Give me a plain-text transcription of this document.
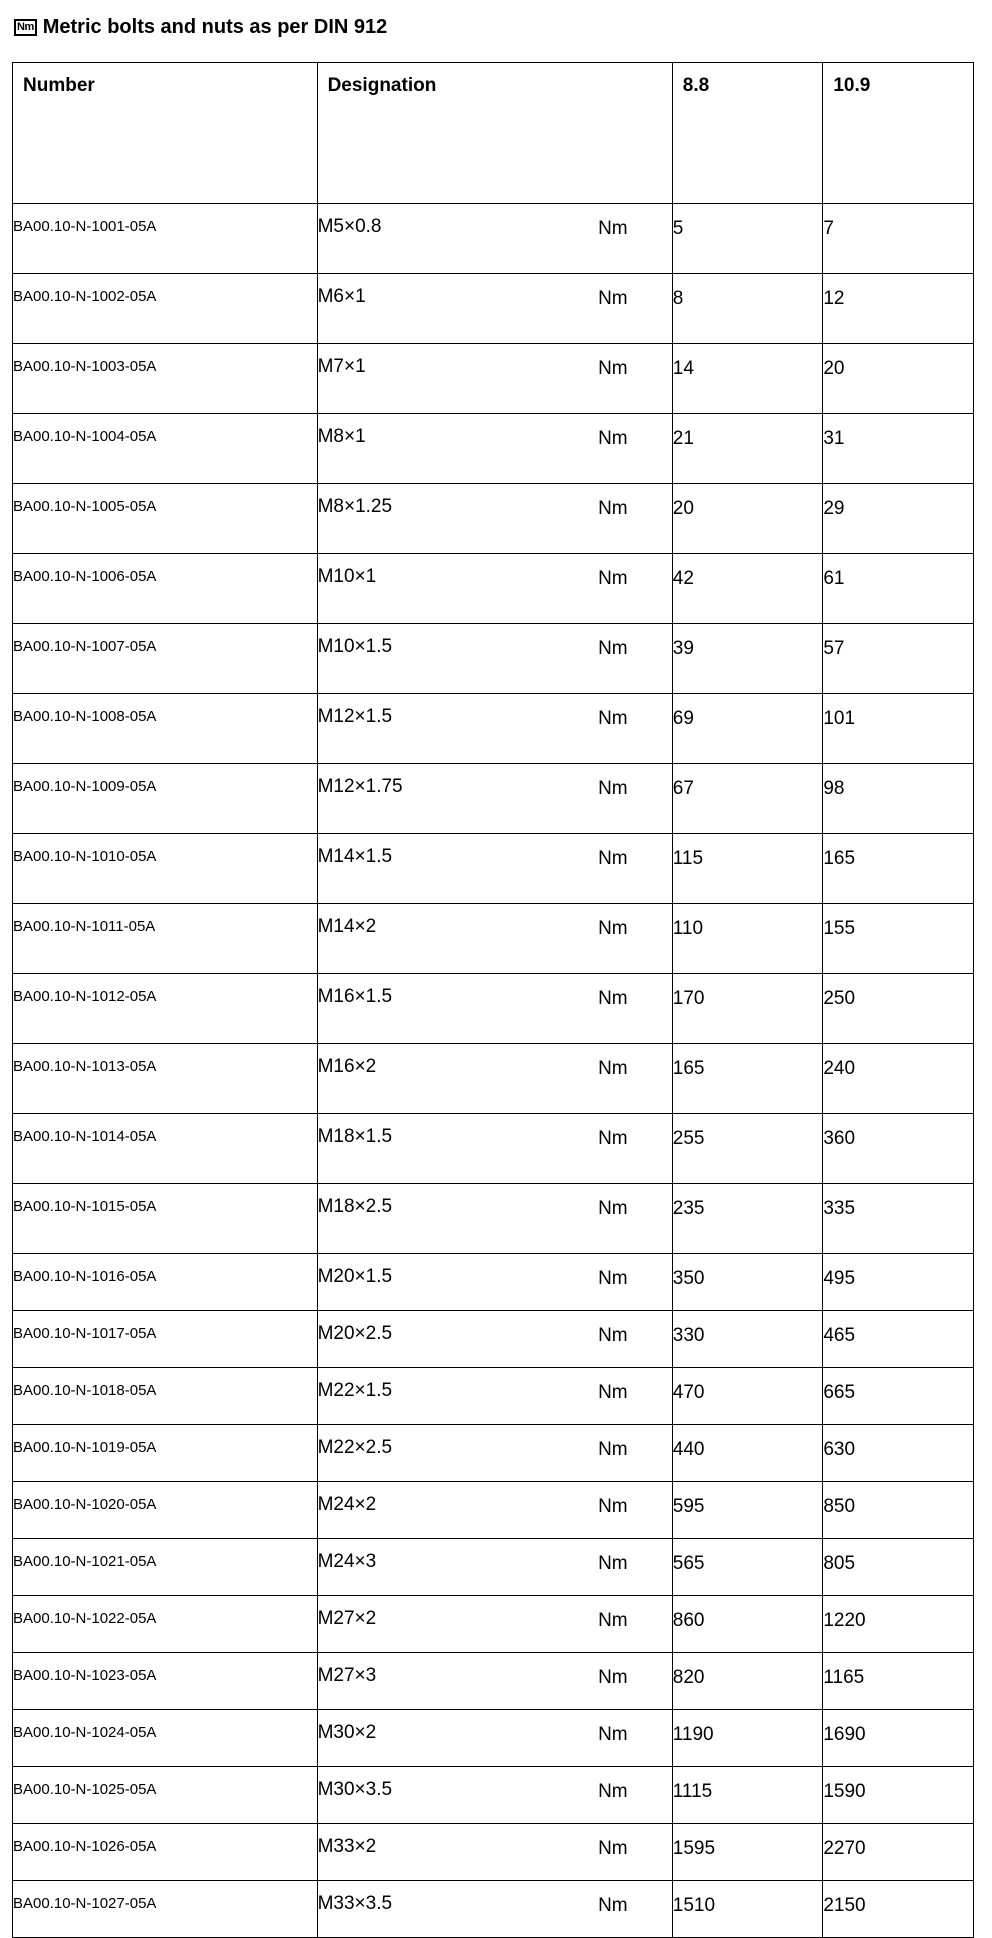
Nm Metric bolts and nuts as per DIN 912
Number	Designation		8.8	10.9
BA00.10-N-1001-05A	M5×0.8	Nm	5	7
BA00.10-N-1002-05A	M6×1	Nm	8	12
BA00.10-N-1003-05A	M7×1	Nm	14	20
BA00.10-N-1004-05A	M8×1	Nm	21	31
BA00.10-N-1005-05A	M8×1.25	Nm	20	29
BA00.10-N-1006-05A	M10×1	Nm	42	61
BA00.10-N-1007-05A	M10×1.5	Nm	39	57
BA00.10-N-1008-05A	M12×1.5	Nm	69	101
BA00.10-N-1009-05A	M12×1.75	Nm	67	98
BA00.10-N-1010-05A	M14×1.5	Nm	115	165
BA00.10-N-1011-05A	M14×2	Nm	110	155
BA00.10-N-1012-05A	M16×1.5	Nm	170	250
BA00.10-N-1013-05A	M16×2	Nm	165	240
BA00.10-N-1014-05A	M18×1.5	Nm	255	360
BA00.10-N-1015-05A	M18×2.5	Nm	235	335
BA00.10-N-1016-05A	M20×1.5	Nm	350	495
BA00.10-N-1017-05A	M20×2.5	Nm	330	465
BA00.10-N-1018-05A	M22×1.5	Nm	470	665
BA00.10-N-1019-05A	M22×2.5	Nm	440	630
BA00.10-N-1020-05A	M24×2	Nm	595	850
BA00.10-N-1021-05A	M24×3	Nm	565	805
BA00.10-N-1022-05A	M27×2	Nm	860	1220
BA00.10-N-1023-05A	M27×3	Nm	820	1165
BA00.10-N-1024-05A	M30×2	Nm	1190	1690
BA00.10-N-1025-05A	M30×3.5	Nm	1115	1590
BA00.10-N-1026-05A	M33×2	Nm	1595	2270
BA00.10-N-1027-05A	M33×3.5	Nm	1510	2150
